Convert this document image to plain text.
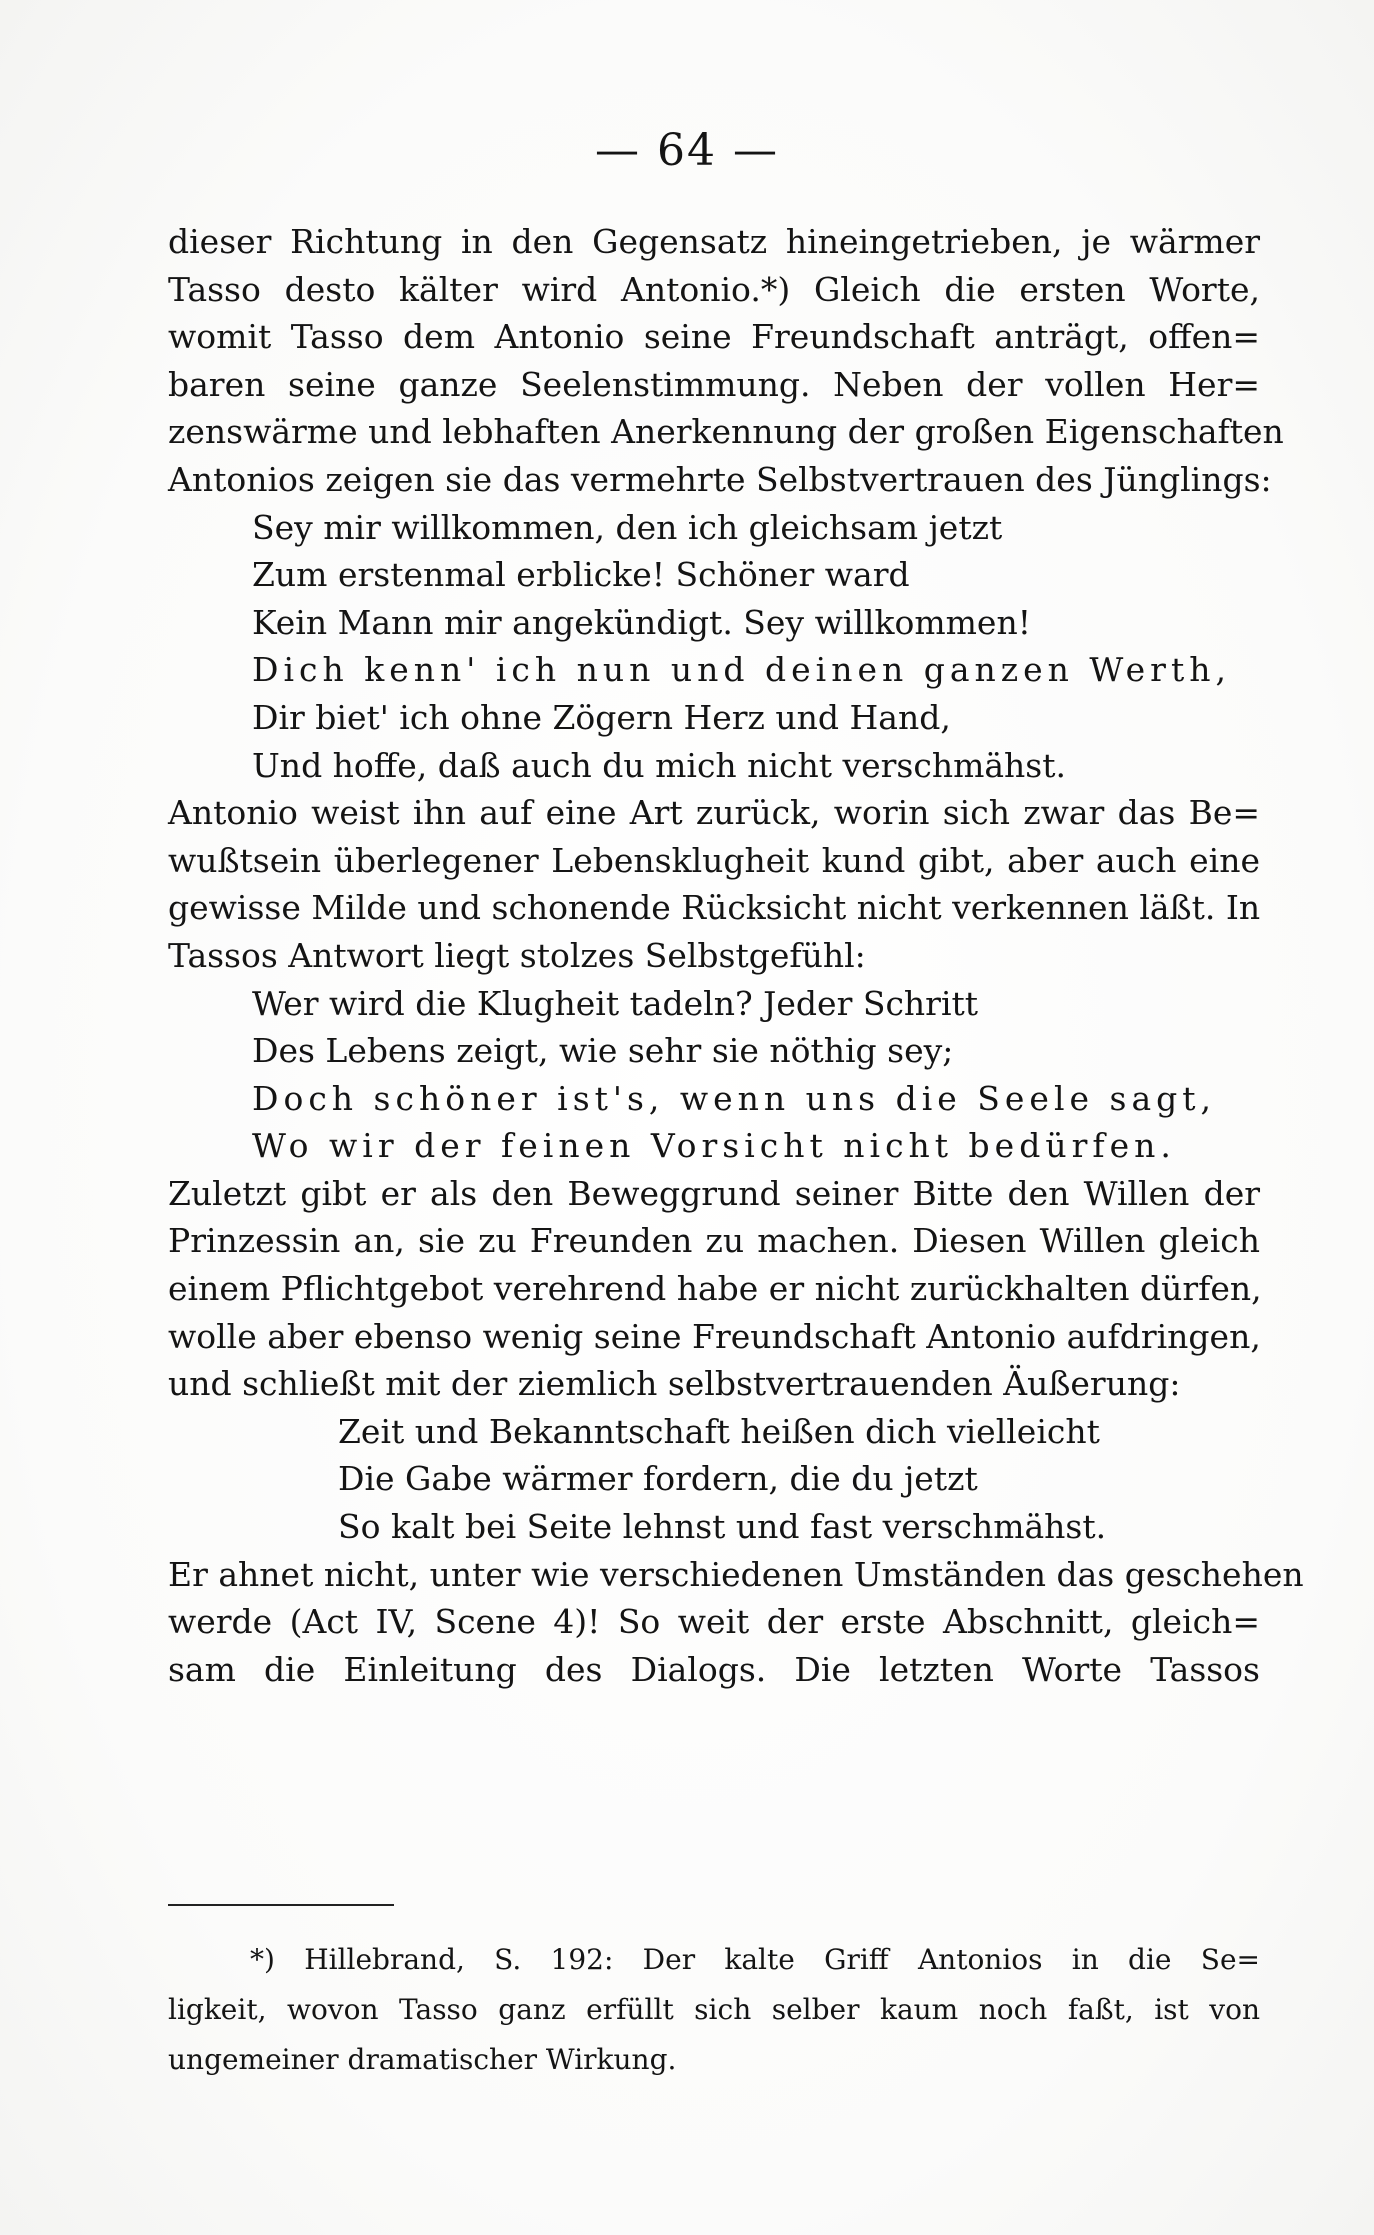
— 64 —
dieser Richtung in den Gegensatz hineingetrieben, je wärmer
Tasso desto kälter wird Antonio.*) Gleich die ersten Worte,
womit Tasso dem Antonio seine Freundschaft anträgt, offen=
baren seine ganze Seelenstimmung. Neben der vollen Her=
zenswärme und lebhaften Anerkennung der großen Eigenschaften
Antonios zeigen sie das vermehrte Selbstvertrauen des Jünglings:
Sey mir willkommen, den ich gleichsam jetzt
Zum erstenmal erblicke! Schöner ward
Kein Mann mir angekündigt. Sey willkommen!
Dich kenn' ich nun und deinen ganzen Werth,
Dir biet' ich ohne Zögern Herz und Hand,
Und hoffe, daß auch du mich nicht verschmähst.
Antonio weist ihn auf eine Art zurück, worin sich zwar das Be=
wußtsein überlegener Lebensklugheit kund gibt, aber auch eine
gewisse Milde und schonende Rücksicht nicht verkennen läßt. In
Tassos Antwort liegt stolzes Selbstgefühl:
Wer wird die Klugheit tadeln? Jeder Schritt
Des Lebens zeigt, wie sehr sie nöthig sey;
Doch schöner ist's, wenn uns die Seele sagt,
Wo wir der feinen Vorsicht nicht bedürfen.
Zuletzt gibt er als den Beweggrund seiner Bitte den Willen der
Prinzessin an, sie zu Freunden zu machen. Diesen Willen gleich
einem Pflichtgebot verehrend habe er nicht zurückhalten dürfen,
wolle aber ebenso wenig seine Freundschaft Antonio aufdringen,
und schließt mit der ziemlich selbstvertrauenden Äußerung:
Zeit und Bekanntschaft heißen dich vielleicht
Die Gabe wärmer fordern, die du jetzt
So kalt bei Seite lehnst und fast verschmähst.
Er ahnet nicht, unter wie verschiedenen Umständen das geschehen
werde (Act IV, Scene 4)! So weit der erste Abschnitt, gleich=
sam die Einleitung des Dialogs. Die letzten Worte Tassos
*) Hillebrand, S. 192: Der kalte Griff Antonios in die Se=
ligkeit, wovon Tasso ganz erfüllt sich selber kaum noch faßt, ist von
ungemeiner dramatischer Wirkung.
